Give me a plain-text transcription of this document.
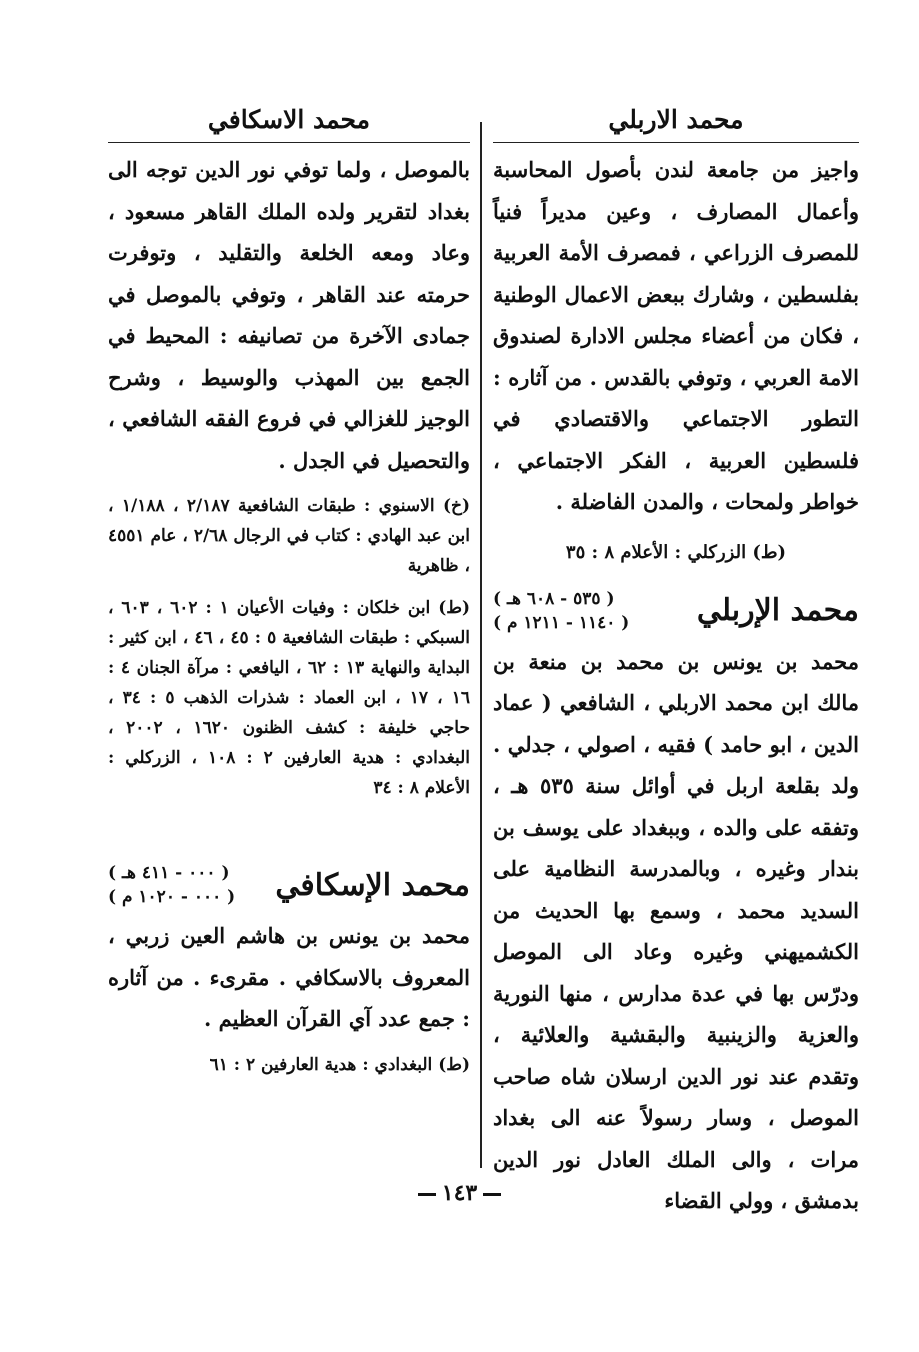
محمد الاربلي
واجيز من جامعة لندن بأصول المحاسبة وأعمال المصارف ، وعين مديراً فنياً للمصرف الزراعي ، فمصرف الأمة العربية بفلسطين ، وشارك ببعض الاعمال الوطنية ، فكان من أعضاء مجلس الادارة لصندوق الامة العربي ، وتوفي بالقدس . من آثاره : التطور الاجتماعي والاقتصادي في فلسطين العربية ، الفكر الاجتماعي ، خواطر ولمحات ، والمدن الفاضلة .
(ط) الزركلي : الأعلام ٨ : ٣٥
محمد الإربلي
( ٥٣٥ - ٦٠٨ هـ )
( ١١٤٠ - ١٢١١ م )
محمد بن يونس بن محمد بن منعة بن مالك ابن محمد الاربلي ، الشافعي ( عماد الدين ، ابو حامد ) فقيه ، اصولي ، جدلي . ولد بقلعة اربل في أوائل سنة ٥٣٥ هـ ، وتفقه على والده ، وببغداد على يوسف بن بندار وغيره ، وبالمدرسة النظامية على السديد محمد ، وسمع بها الحديث من الكشميهني وغيره وعاد الى الموصل ودرّس بها في عدة مدارس ، منها النورية والعزية والزينبية والبقشية والعلائية ، وتقدم عند نور الدين ارسلان شاه صاحب الموصل ، وسار رسولاً عنه الى بغداد مرات ، والى الملك العادل نور الدين بدمشق ، وولي القضاء
محمد الاسكافي
بالموصل ، ولما توفي نور الدين توجه الى بغداد لتقرير ولده الملك القاهر مسعود ، وعاد ومعه الخلعة والتقليد ، وتوفرت حرمته عند القاهر ، وتوفي بالموصل في جمادى الآخرة من تصانيفه : المحيط في الجمع بين المهذب والوسيط ، وشرح الوجيز للغزالي في فروع الفقه الشافعي ، والتحصيل في الجدل .
(خ) الاسنوي : طبقات الشافعية ٢/١٨٧ ، ١/١٨٨ ، ابن عبد الهادي : كتاب في الرجال ٢/٦٨ ، عام ٤٥٥١ ، ظاهرية
(ط) ابن خلكان : وفيات الأعيان ١ : ٦٠٢ ، ٦٠٣ ، السبكي : طبقات الشافعية ٥ : ٤٥ ، ٤٦ ، ابن كثير : البداية والنهاية ١٣ : ٦٢ ، اليافعي : مرآة الجنان ٤ : ١٦ ، ١٧ ، ابن العماد : شذرات الذهب ٥ : ٣٤ ، حاجي خليفة : كشف الظنون ١٦٢٠ ، ٢٠٠٢ ، البغدادي : هدية العارفين ٢ : ١٠٨ ، الزركلي : الأعلام ٨ : ٣٤
محمد الإسكافي
( ٠٠٠ - ٤١١ هـ )
( ٠٠٠ - ١٠٢٠ م )
محمد بن يونس بن هاشم العين زربي ، المعروف بالاسكافي . مقرىء . من آثاره : جمع عدد آي القرآن العظيم .
(ط) البغدادي : هدية العارفين ٢ : ٦١
١٤٣
